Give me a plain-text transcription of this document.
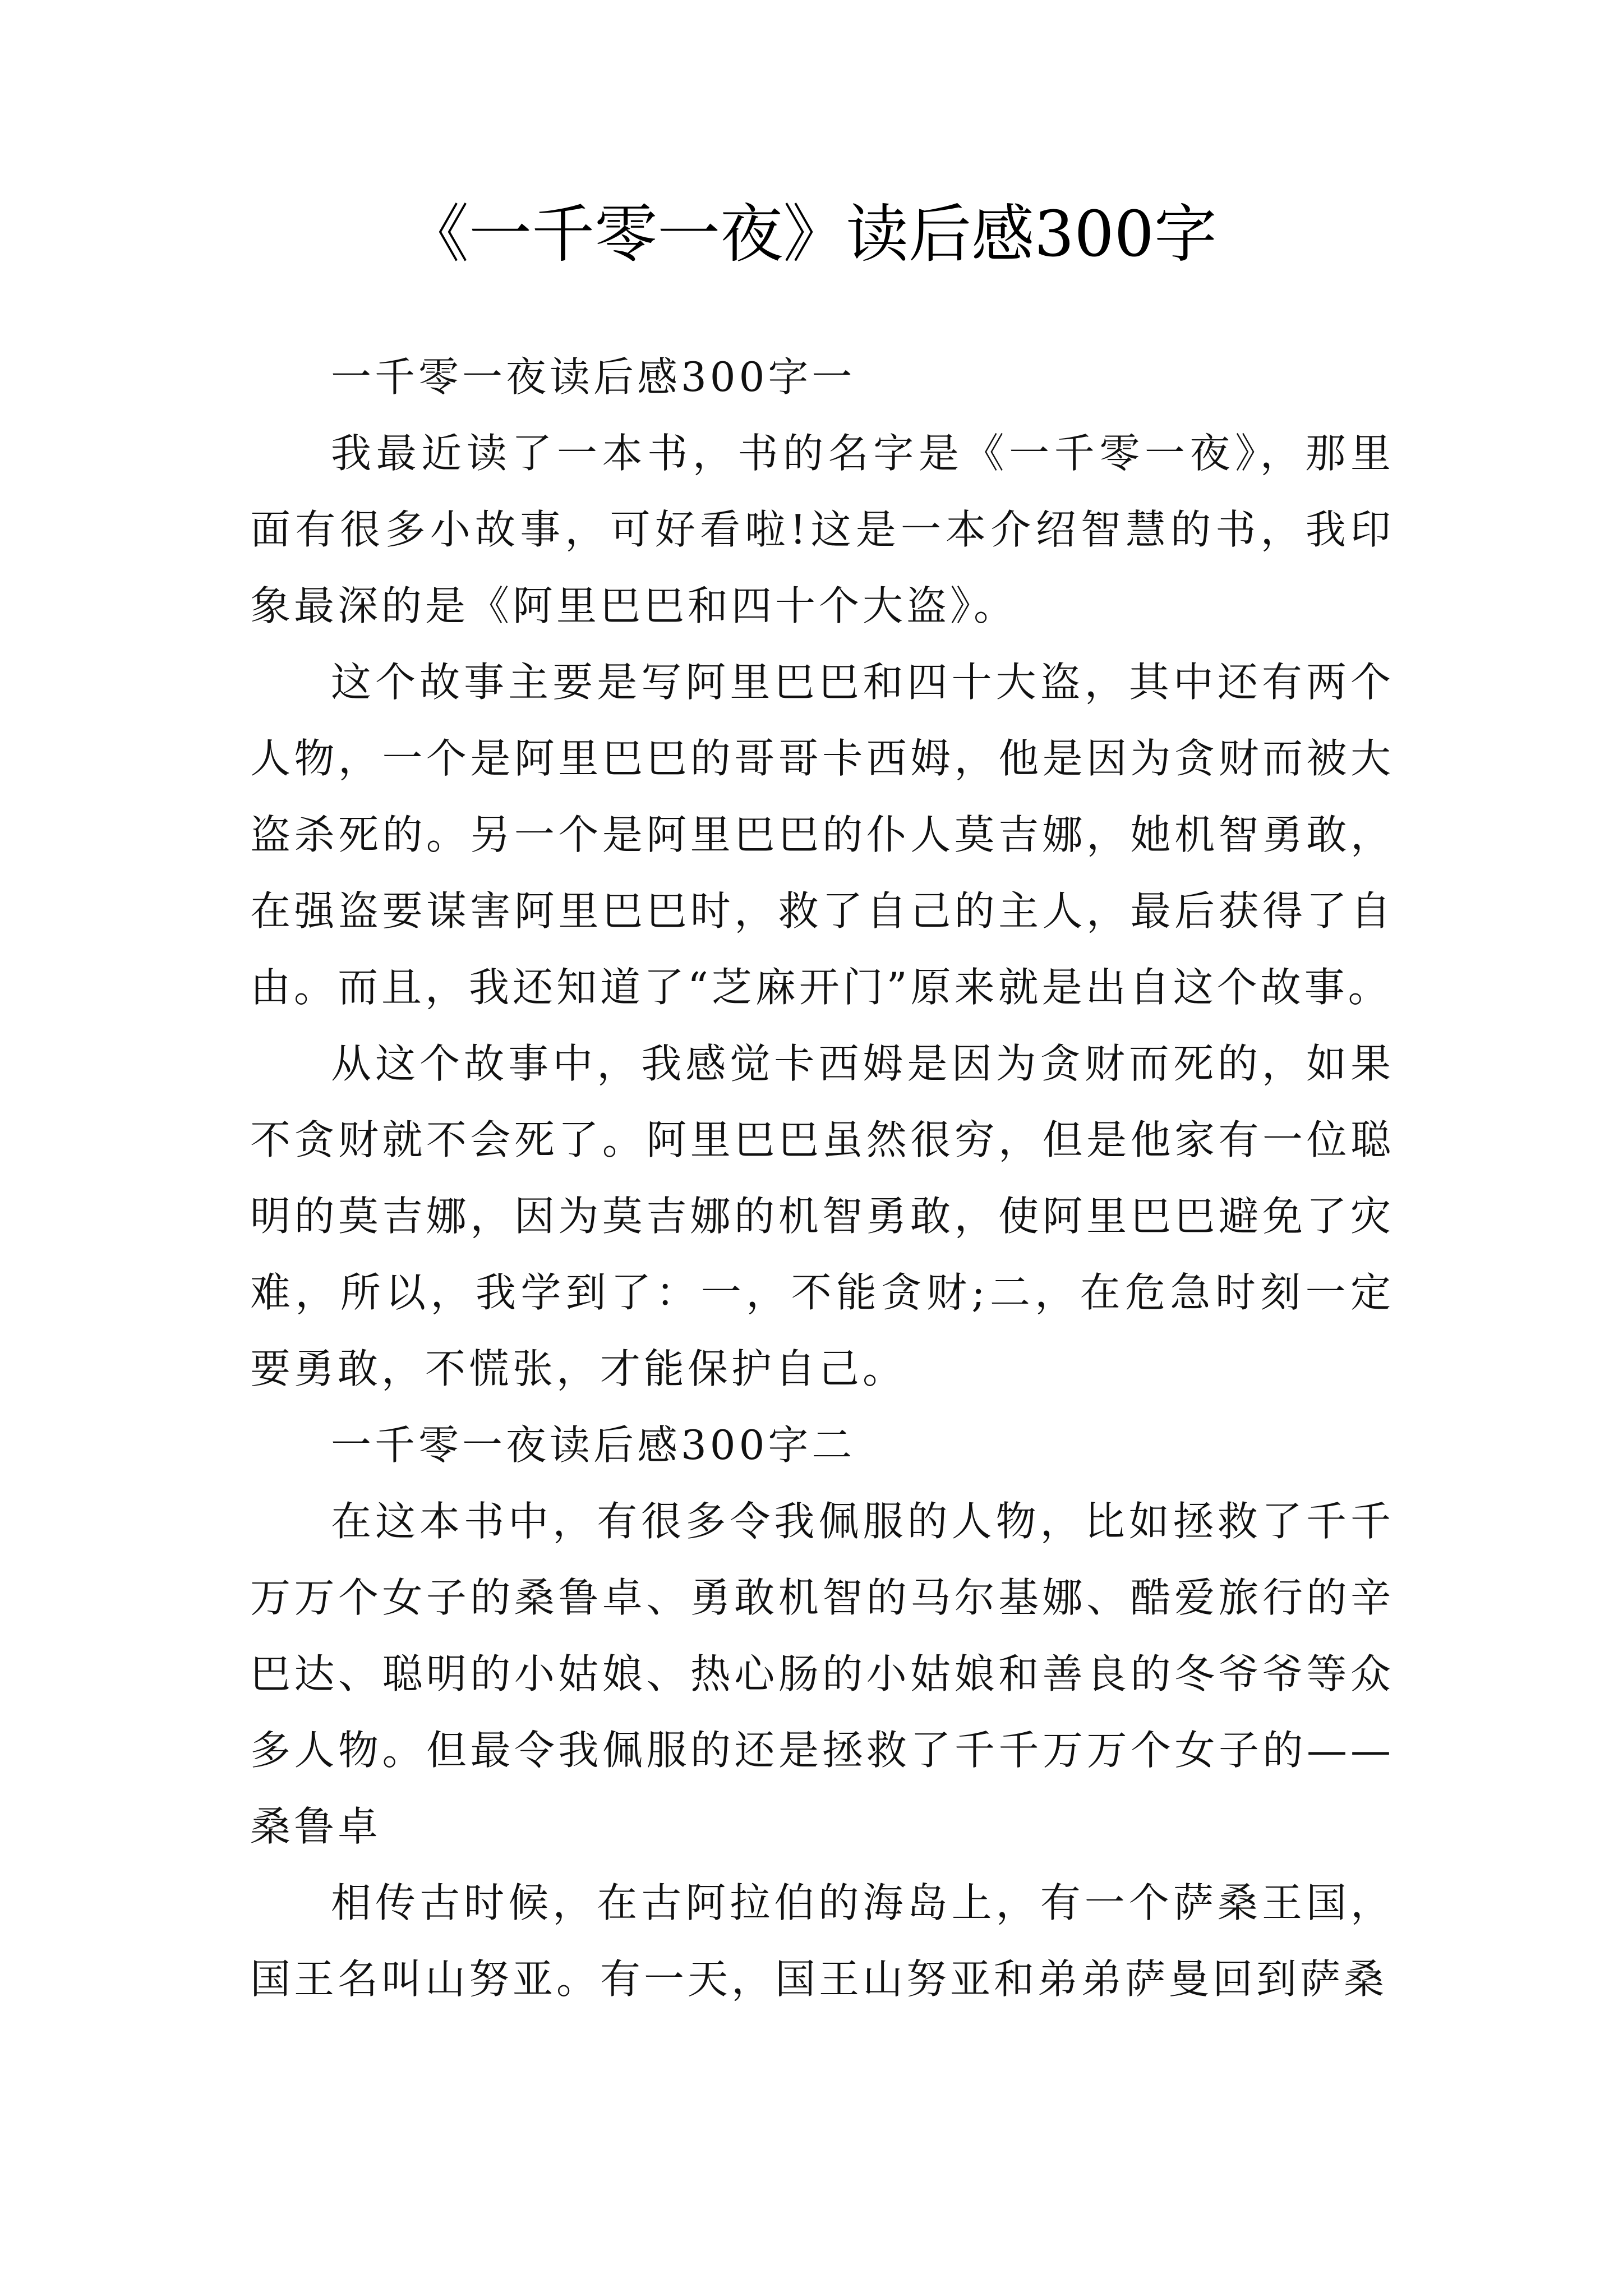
《一千零一夜》读后感300字

一千零一夜读后感300字一

我最近读了一本书，书的名字是《一千零一夜》，那里面有很多小故事，可好看啦!这是一本介绍智慧的书，我印象最深的是《阿里巴巴和四十个大盗》。

这个故事主要是写阿里巴巴和四十大盗，其中还有两个人物，一个是阿里巴巴的哥哥卡西姆，他是因为贪财而被大盗杀死的。另一个是阿里巴巴的仆人莫吉娜，她机智勇敢，在强盗要谋害阿里巴巴时，救了自己的主人，最后获得了自由。而且，我还知道了“芝麻开门”原来就是出自这个故事。

从这个故事中，我感觉卡西姆是因为贪财而死的，如果不贪财就不会死了。阿里巴巴虽然很穷，但是他家有一位聪明的莫吉娜，因为莫吉娜的机智勇敢，使阿里巴巴避免了灾难，所以，我学到了：一，不能贪财;二，在危急时刻一定要勇敢，不慌张，才能保护自己。

一千零一夜读后感300字二

在这本书中，有很多令我佩服的人物，比如拯救了千千万万个女子的桑鲁卓、勇敢机智的马尔基娜、酷爱旅行的辛巴达、聪明的小姑娘、热心肠的小姑娘和善良的冬爷爷等众多人物。但最令我佩服的还是拯救了千千万万个女子的——桑鲁卓

相传古时候，在古阿拉伯的海岛上，有一个萨桑王国，国王名叫山努亚。有一天，国王山努亚和弟弟萨曼回到萨桑
